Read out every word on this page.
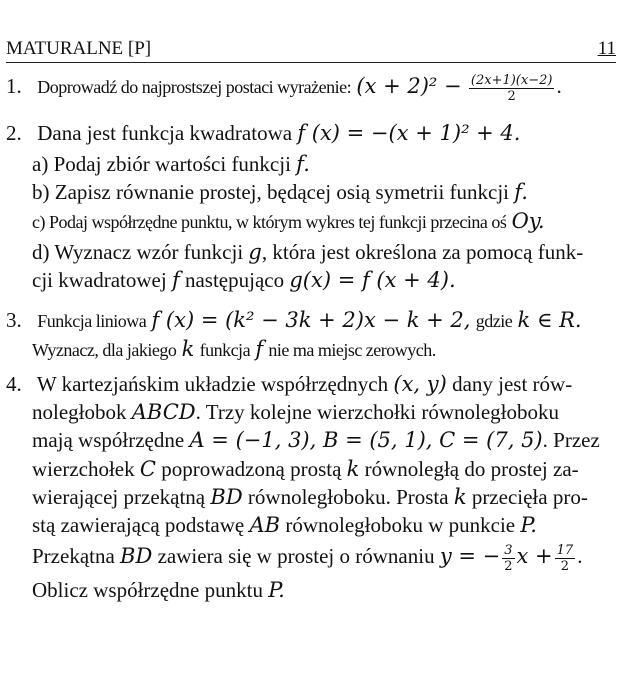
MATURALNE [P]	11
1. Doprowadź do najprostszej postaci wyrażenie: $(x + 2)^2 - \frac{(2x+1)(x-2)}{2}$ .
2. Dana jest funkcja kwadratowa f (x) = −(x + 1)² + 4.
a) Podaj zbiór wartości funkcji f.
b) Zapisz równanie prostej, będącej osią symetrii funkcji f.
c) Podaj współrzędne punktu, w którym wykres tej funkcji przecina oś Oy.
d) Wyznacz wzór funkcji g, która jest określona za pomocą funk-
cji kwadratowej f następująco g(x) = f (x + 4).
3. Funkcja liniowa f (x) = (k² − 3k + 2)x − k + 2, gdzie k ∈ R.
Wyznacz, dla jakiego k funkcja f nie ma miejsc zerowych.
4. W kartezjańskim układzie współrzędnych (x, y) dany jest rów-
noległobok ABCD. Trzy kolejne wierzchołki równoległoboku
mają współrzędne A = (−1, 3), B = (5, 1), C = (7, 5). Przez
wierzchołek C poprowadzoną prostą k równoległą do prostej za-
wierającej przekątną BD równoległoboku. Prosta k przecięła pro-
stą zawierającą podstawę AB równoległoboku w punkcie P.
Przekątna BD zawiera się w prostej o równaniu y = − $\frac{3}{2}$ $x + \frac{17}{2}$ .
Oblicz współrzędne punktu P.
